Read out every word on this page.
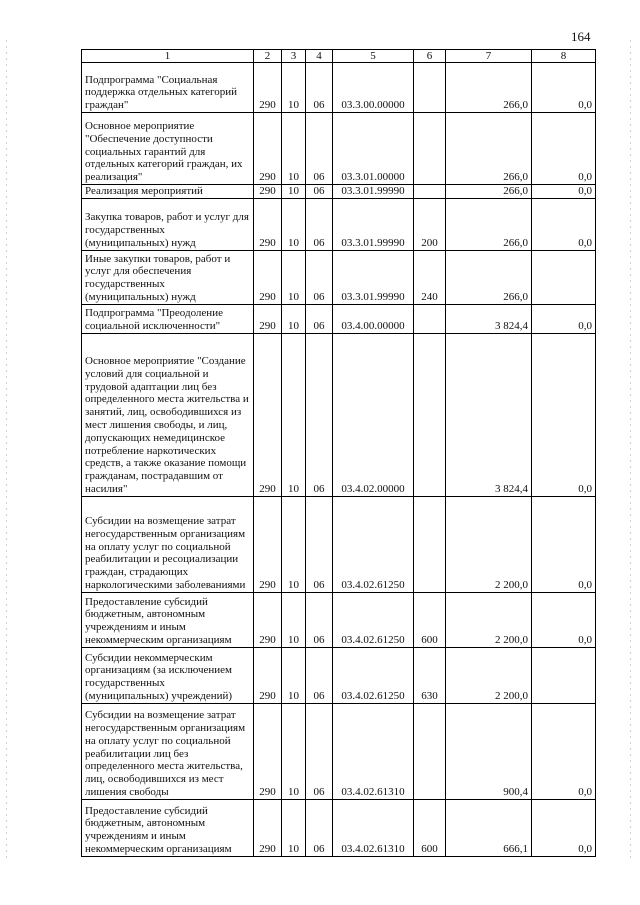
164
1	2	3	4	5	6	7	8
Подпрограмма "Социальная поддержка отдельных категорий граждан"	290	10	06	03.3.00.00000		266,0	0,0
Основное мероприятие "Обеспечение доступности социальных гарантий для отдельных категорий граждан, их реализация"	290	10	06	03.3.01.00000		266,0	0,0
Реализация мероприятий	290	10	06	03.3.01.99990		266,0	0,0
Закупка товаров, работ и услуг для государственных (муниципальных) нужд	290	10	06	03.3.01.99990	200	266,0	0,0
Иные закупки товаров, работ и услуг для обеспечения государственных (муниципальных) нужд	290	10	06	03.3.01.99990	240	266,0	
Подпрограмма "Преодоление социальной исключенности"	290	10	06	03.4.00.00000		3 824,4	0,0
Основное мероприятие "Создание условий для социальной и трудовой адаптации лиц без определенного места жительства и занятий, лиц, освободившихся из мест лишения свободы, и лиц, допускающих немедицинское потребление наркотических средств, а также оказание помощи гражданам, пострадавшим от насилия"	290	10	06	03.4.02.00000		3 824,4	0,0
Субсидии на возмещение затрат негосударственным организациям на оплату услуг по социальной реабилитации и ресоциализации граждан, страдающих наркологическими заболеваниями	290	10	06	03.4.02.61250		2 200,0	0,0
Предоставление субсидий бюджетным, автономным учреждениям и иным некоммерческим организациям	290	10	06	03.4.02.61250	600	2 200,0	0,0
Субсидии некоммерческим организациям (за исключением государственных (муниципальных) учреждений)	290	10	06	03.4.02.61250	630	2 200,0	
Субсидии на возмещение затрат негосударственным организациям на оплату услуг по социальной реабилитации лиц без определенного места жительства, лиц, освободившихся из мест лишения свободы	290	10	06	03.4.02.61310		900,4	0,0
Предоставление субсидий бюджетным, автономным учреждениям и иным некоммерческим организациям	290	10	06	03.4.02.61310	600	666,1	0,0
